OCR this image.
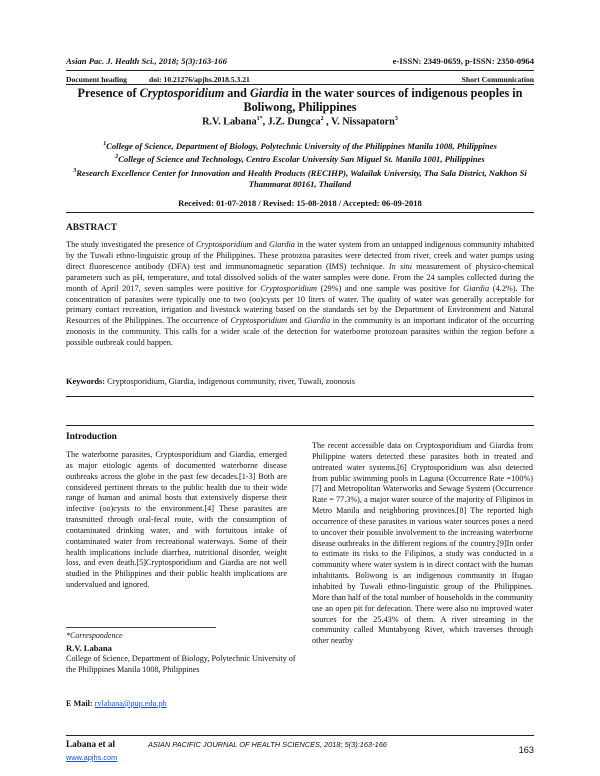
Asian Pac. J. Health Sci., 2018; 5(3):163-166	e-ISSN: 2349-0659, p-ISSN: 2350-0964
Document heading	doi: 10.21276/apjhs.2018.5.3.21	Short Communication
Presence of Cryptosporidium and Giardia in the water sources of indigenous peoples in
Boliwong, Philippines
R.V. Labana$^{1*}$, J.Z. Dungca$^2$ , V. Nissapatorn$^3$
$^1$College of Science, Department of Biology, Polytechnic University of the Philippines Manila 1008, Philippines
$^2$College of Science and Technology, Centro Escolar University San Miguel St. Manila 1001, Philippines
$^3$Research Excellence Center for Innovation and Health Products (RECIHP), Walailak University, Tha Sala District, Nakhon Si Thammarat 80161, Thailand
Received: 01-07-2018 / Revised: 15-08-2018 / Accepted: 06-09-2018
ABSTRACT
The study investigated the presence of Cryptosporidium and Giardia in the water system from an untapped indigenous community inhabited by the Tuwali ethno-linguistic group of the Philippines. These protozoa parasites were detected from river, creek and water pumps using direct fluorescence antibody (DFA) test and immunomagnetic separation (IMS) technique. In situ measurement of physico-chemical parameters such as pH, temperature, and total dissolved solids of the water samples were done. From the 24 samples collected during the month of April 2017, seven samples were positive for Cryptosporidium (29%) and one sample was positive for Giardia (4.2%). The concentration of parasites were typically one to two (oo)cysts per 10 liters of water. The quality of water was generally acceptable for primary contact recreation, irrigation and livestock watering based on the standards set by the Department of Environment and Natural Resources of the Philippines. The occurrence of Cryptosporidium and Giardia in the community is an important indicator of the occurring zoonosis in the community. This calls for a wider scale of the detection for waterborne protozoan parasites within the region before a possible outbreak could happen.
Keywords: Cryptosporidium, Giardia, indigenous community, river, Tuwali, zoonosis
Introduction
The waterborne parasites, Cryptosporidium and Giardia, emerged as major etiologic agents of documented waterborne disease outbreaks across the globe in the past few decades.[1-3] Both are considered pertinent threats to the public health due to their wide range of human and animal hosts that extensively disperse their infective (oo)cysts to the environment.[4] These parasites are transmitted through oral-fecal route, with the consumption of contaminated drinking water, and with fortuitous intake of contaminated water from recreational waterways. Some of their health implications include diarrhea, nutritional disorder, weight loss, and even death.[5]Cryptosporidium and Giardia are not well studied in the Philippines and their public health implications are undervalued and ignored.
The recent accessible data on Cryptosporidium and Giardia from Philippine waters detected these parasites both in treated and untreated water systems.[6] Cryptosporidium was also detected from public swimming pools in Laguna (Occurrence Rate =100%)[7] and Metropolitan Waterworks and Sewage System (Occurrence Rate = 77.3%), a major water source of the majority of Filipinos in Metro Manila and neighboring provinces.[8] The reported high occurrence of these parasites in various water sources poses a need to uncover their possible involvement to the increasing waterborne disease outbreaks in the different regions of the country.[9]In order to estimate its risks to the Filipinos, a study was conducted in a community where water system is in direct contact with the human inhabitants. Boliwong is an indigenous community in Ifugao inhabited by Tuwali ethno-linguistic group of the Philippines. More than half of the total number of households in the community use an open pit for defecation. There were also no improved water sources for the 25.43% of them. A river streaming in the community called Muntabyong River, which traverses through other nearby
*Correspondence
R.V. Labana
College of Science, Department of Biology, Polytechnic University of the Philippines Manila 1008, Philippines
E Mail: rvlabana@pup.edu.ph
Labana et al	ASIAN PACIFIC JOURNAL OF HEALTH SCIENCES, 2018; 5(3):163-166
www.apjhs.com
163
